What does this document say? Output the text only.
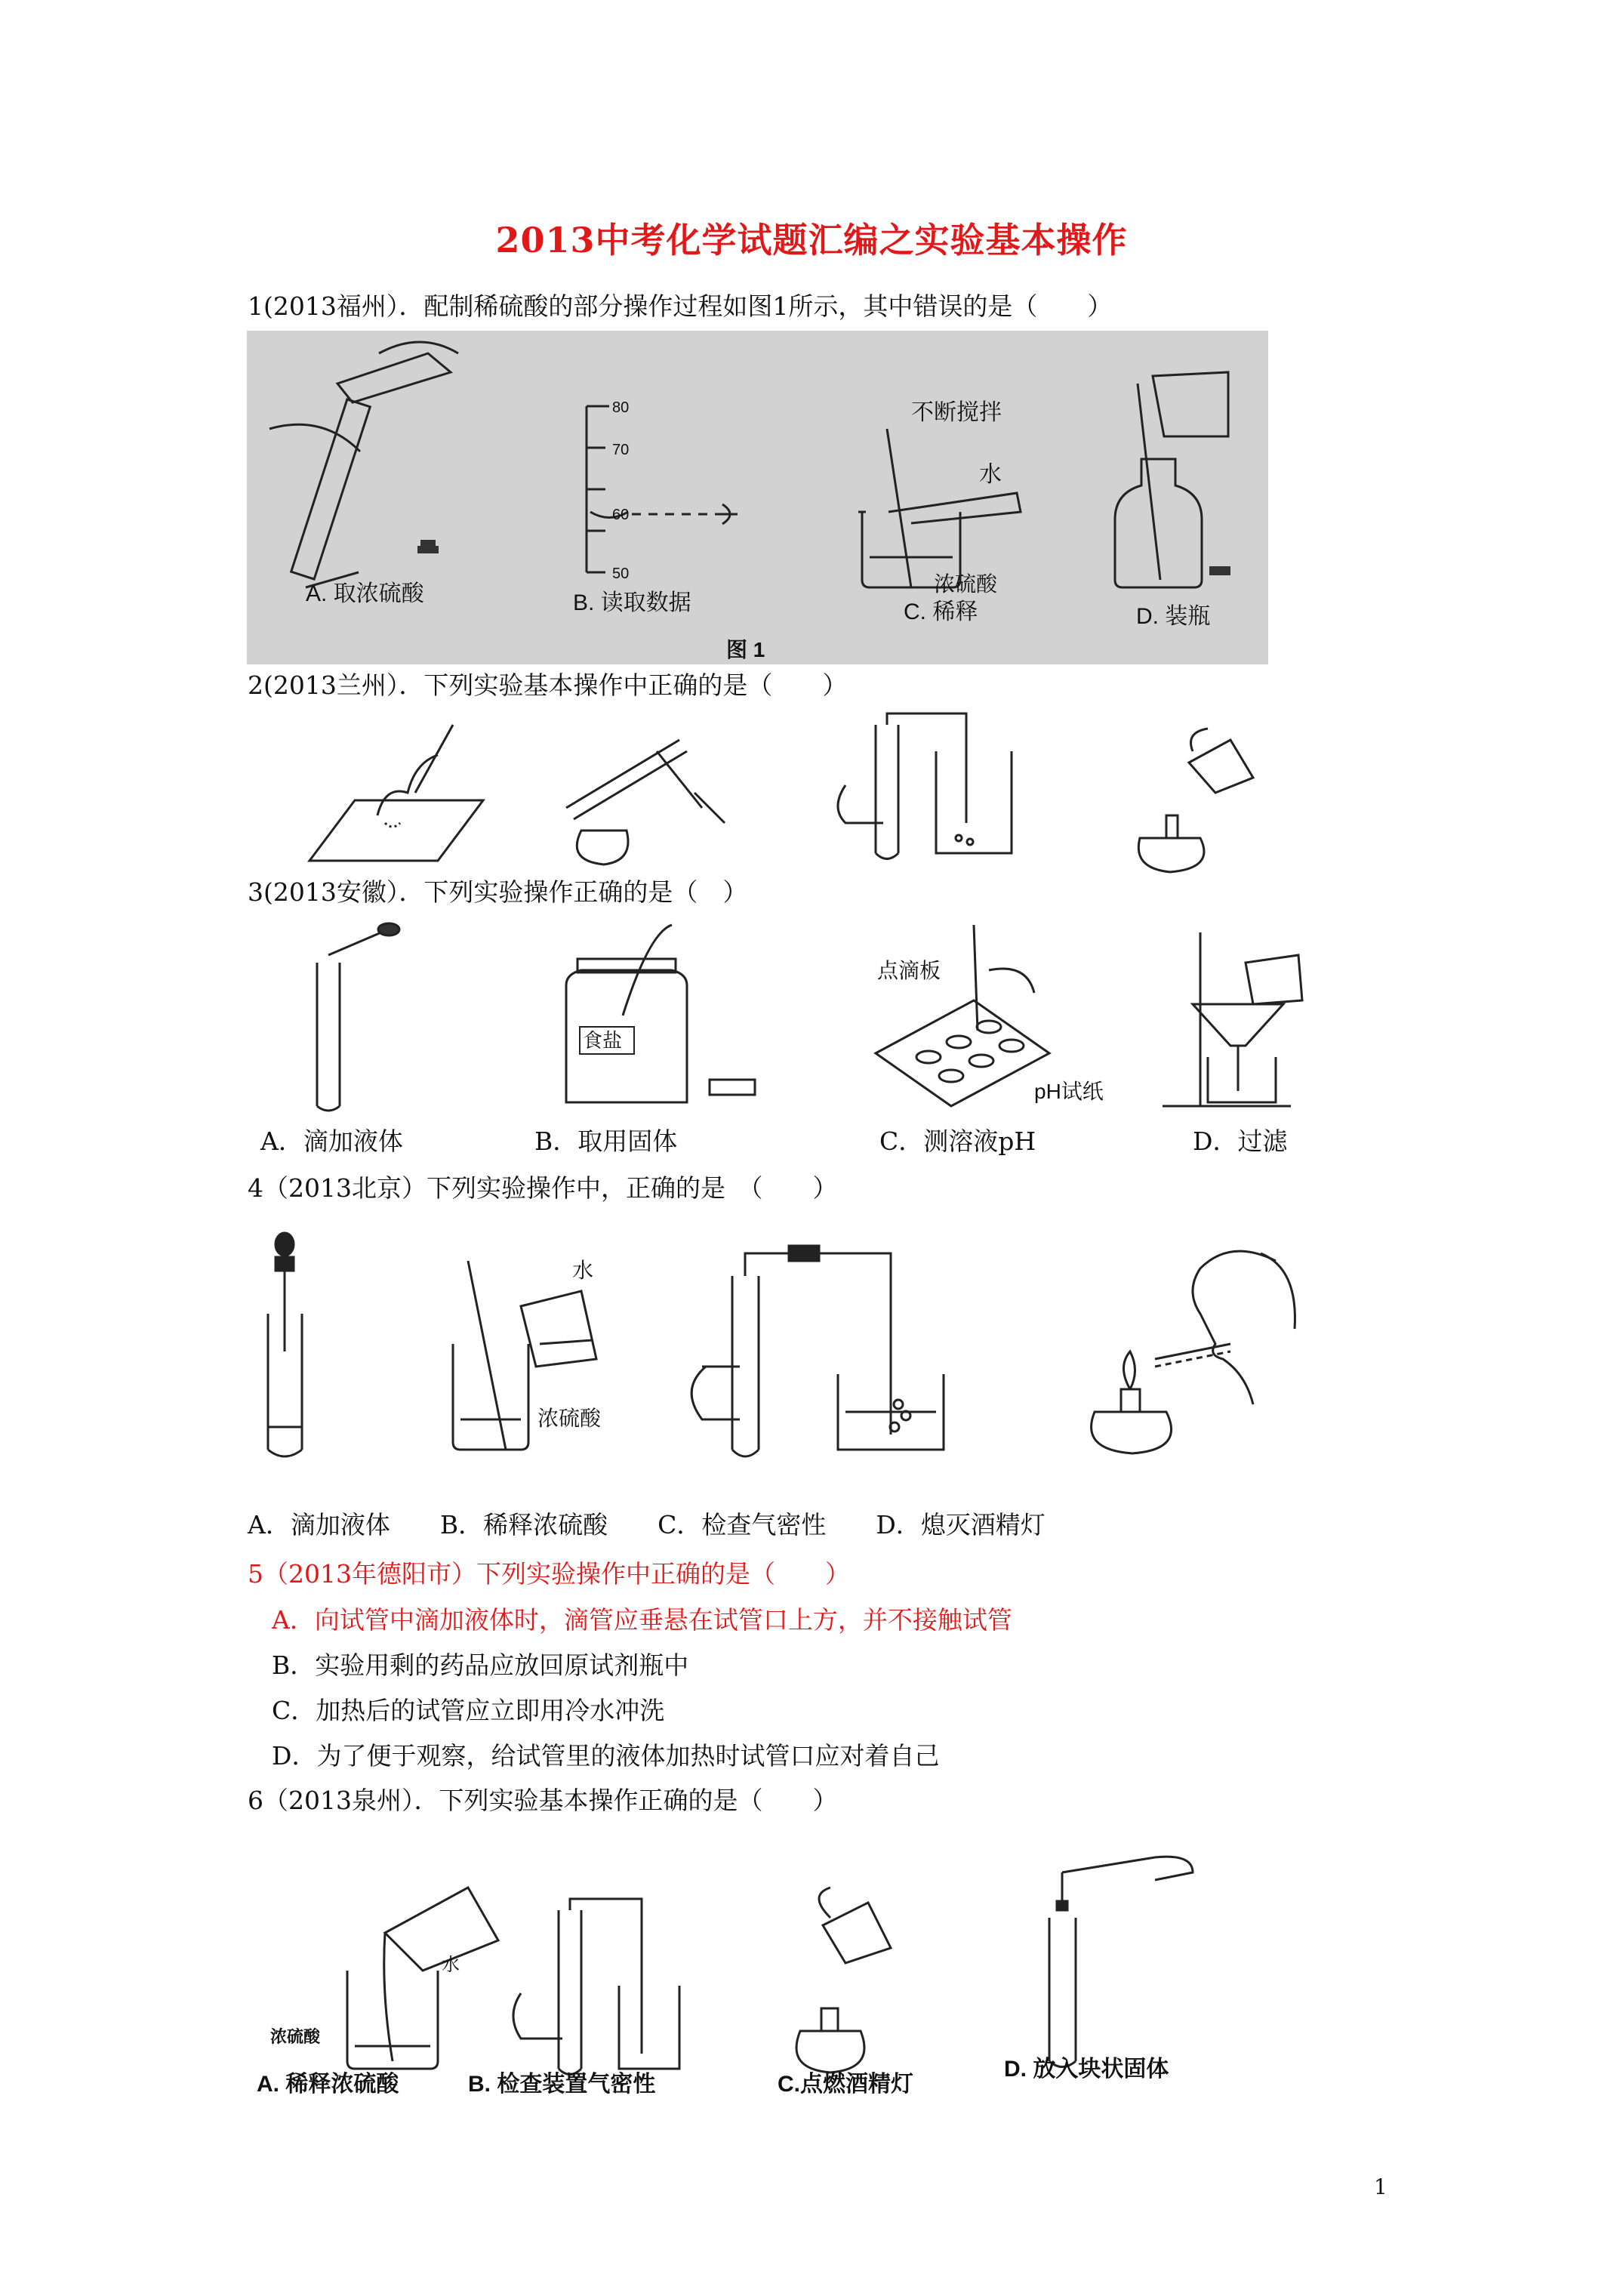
2013中考化学试题汇编之实验基本操作
1(2013福州）．配制稀硫酸的部分操作过程如图1所示，其中错误的是（　　）
A. 取浓硫酸
80
70
60
50
B. 读取数据
不断搅拌
水
浓硫酸
C. 稀释	D. 装瓶
图 1
2(2013兰州）．下列实验基本操作中正确的是（　　）
3(2013安徽）．下列实验操作正确的是（　）
食盐
点滴板
pH试纸
A．滴加液体	B．取用固体	C．测溶液pH	D．过滤
4（2013北京）下列实验操作中，正确的是　（　　）
水
浓硫酸
A．滴加液体　　B．稀释浓硫酸　　C．检查气密性　　D．熄灭酒精灯
5（2013年德阳市）下列实验操作中正确的是（　　）
A．向试管中滴加液体时，滴管应垂悬在试管口上方，并不接触试管
B．实验用剩的药品应放回原试剂瓶中
C．加热后的试管应立即用冷水冲洗
D．为了便于观察，给试管里的液体加热时试管口应对着自己
6（2013泉州）．下列实验基本操作正确的是（　　）
水
浓硫酸
A. 稀释浓硫酸	B. 检查装置气密性	C.点燃酒精灯
D. 放入块状固体
1
